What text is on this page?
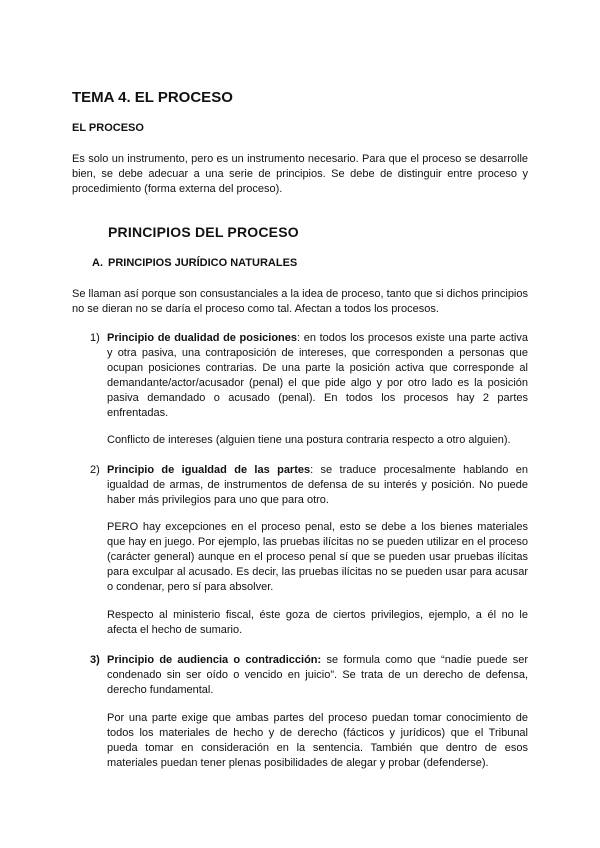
TEMA 4. EL PROCESO
EL PROCESO

Es solo un instrumento, pero es un instrumento necesario. Para que el proceso se desarrolle bien, se debe adecuar a una serie de principios. Se debe de distinguir entre proceso y procedimiento (forma externa del proceso).

PRINCIPIOS DEL PROCESO
A. PRINCIPIOS JURÍDICO NATURALES

Se llaman así porque son consustanciales a la idea de proceso, tanto que si dichos principios no se dieran no se daría el proceso como tal. Afectan a todos los procesos.

1) Principio de dualidad de posiciones: en todos los procesos existe una parte activa y otra pasiva, una contraposición de intereses, que corresponden a personas que ocupan posiciones contrarias. De una parte la posición activa que corresponde al demandante/actor/acusador (penal) el que pide algo y por otro lado es la posición pasiva demandado o acusado (penal). En todos los procesos hay 2 partes enfrentadas.

Conflicto de intereses (alguien tiene una postura contraria respecto a otro alguien).

2) Principio de igualdad de las partes: se traduce procesalmente hablando en igualdad de armas, de instrumentos de defensa de su interés y posición. No puede haber más privilegios para uno que para otro.

PERO hay excepciones en el proceso penal, esto se debe a los bienes materiales que hay en juego. Por ejemplo, las pruebas ilícitas no se pueden utilizar en el proceso (carácter general) aunque en el proceso penal sí que se pueden usar pruebas ilícitas para exculpar al acusado. Es decir, las pruebas ilícitas no se pueden usar para acusar o condenar, pero sí para absolver.

Respecto al ministerio fiscal, éste goza de ciertos privilegios, ejemplo, a él no le afecta el hecho de sumario.

3) Principio de audiencia o contradicción: se formula como que “nadie puede ser condenado sin ser oído o vencido en juicio”. Se trata de un derecho de defensa, derecho fundamental.

Por una parte exige que ambas partes del proceso puedan tomar conocimiento de todos los materiales de hecho y de derecho (fácticos y jurídicos) que el Tribunal pueda tomar en consideración en la sentencia. También que dentro de esos materiales puedan tener plenas posibilidades de alegar y probar (defenderse).
